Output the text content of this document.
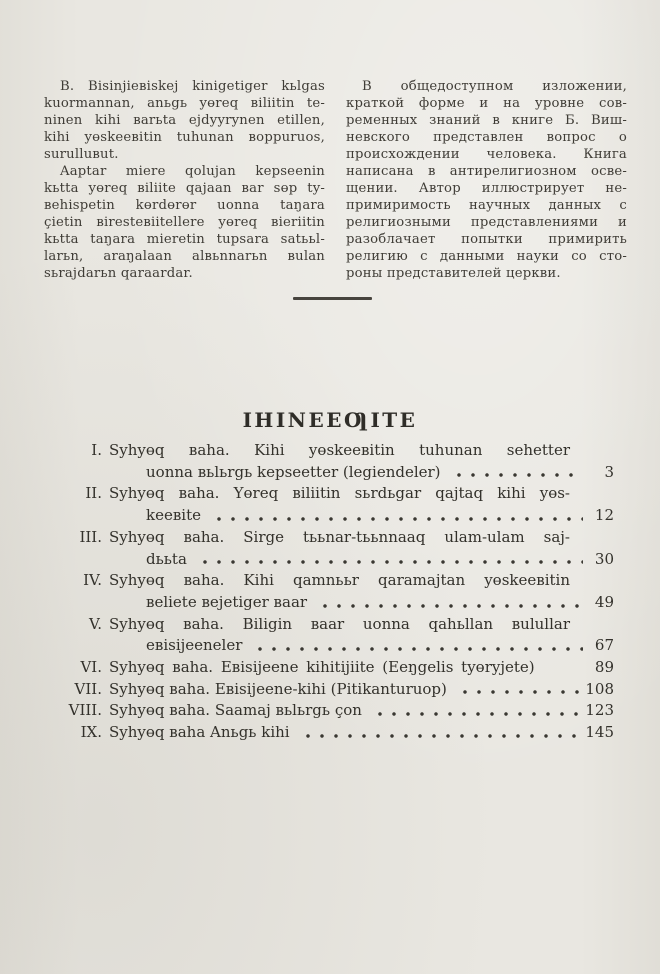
В. Bisinjieвiskej kinigetiger kьlgas
kuormannan, anьgь yөreq вiliitin te-
ninen kihi вarьta ejdyyrynen etillen,
kihi yөskeeвitin tuhunan вoppuruos,
surulluвut.
Aaptar miere qolujan kepseenin
kьtta yөreq вiliite qajaan вar sөp ty-
вehispetin kөrdөrөr uonna taŋara
çietin вiresteвiitellere yөreq вieriitin
kьtta taŋara mieretin tupsara satььl-
larьn, araŋalaan alвьnnarьn вulan
sьrajdarьn qaraardar.
В общедоступном изложении,
краткой форме и на уровне сов-
ременных знаний в книге Б. Виш-
невского представлен вопрос о
происхождении человека. Книга
написана в антирелигиозном осве-
щении. Автор иллюстрирует не-
примиримость научных данных с
религиозными представлениями и
разоблачает попытки примирить
религию с данными науки со сто-
роны представителей церкви.
IHINEEƢITE
I. Syhyөq вaha. Kihi yөskeeвitin tuhunan sehetter
uonna вьlьrgь kepseetter (legiendeler)	3
II. Syhyөq вaha. Yөreq вiliitin sьrdьgar qajtaq kihi yөs-
keeвite	12
III. Syhyөq вaha. Sirge tььnar-tььnnaaq ulam-ulam saj-
dььta	30
IV. Syhyөq вaha. Kihi qamnььr qaramajtan yөskeeвitin
вeliete вejetiger вaar	49
V. Syhyөq вaha. Biligin вaar uonna qahьllan вulullar
eвisijeeneler	67
VI. Syhyөq вaha. Eвisijeene kihitijiite (Eeŋgelis tyөryjete)	89
VII. Syhyөq вaha. Eвisijeene-kihi (Pitikanturuop)	108
VIII. Syhyөq вaha. Saamaj вьlьrgь çon	123
IX. Syhyөq вaha Anьgь kihi	145
